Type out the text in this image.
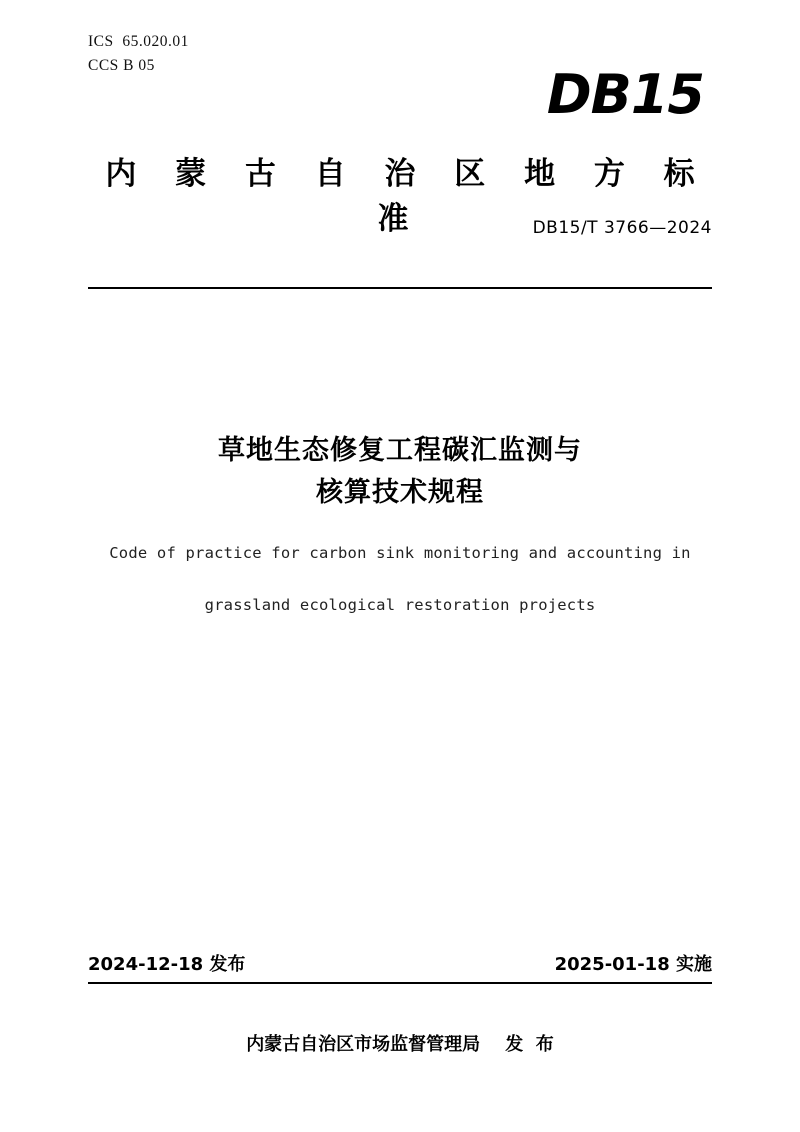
ICS  65.020.01
CCS B 05	DB15
内 蒙 古 自 治 区 地 方 标 准	DB15/T 3766—2024
草地生态修复工程碳汇监测与
核算技术规程
Code of practice for carbon sink monitoring and accounting in
grassland ecological restoration projects
2024-12-18 发布	2025-01-18 实施
内蒙古自治区市场监督管理局    发  布
